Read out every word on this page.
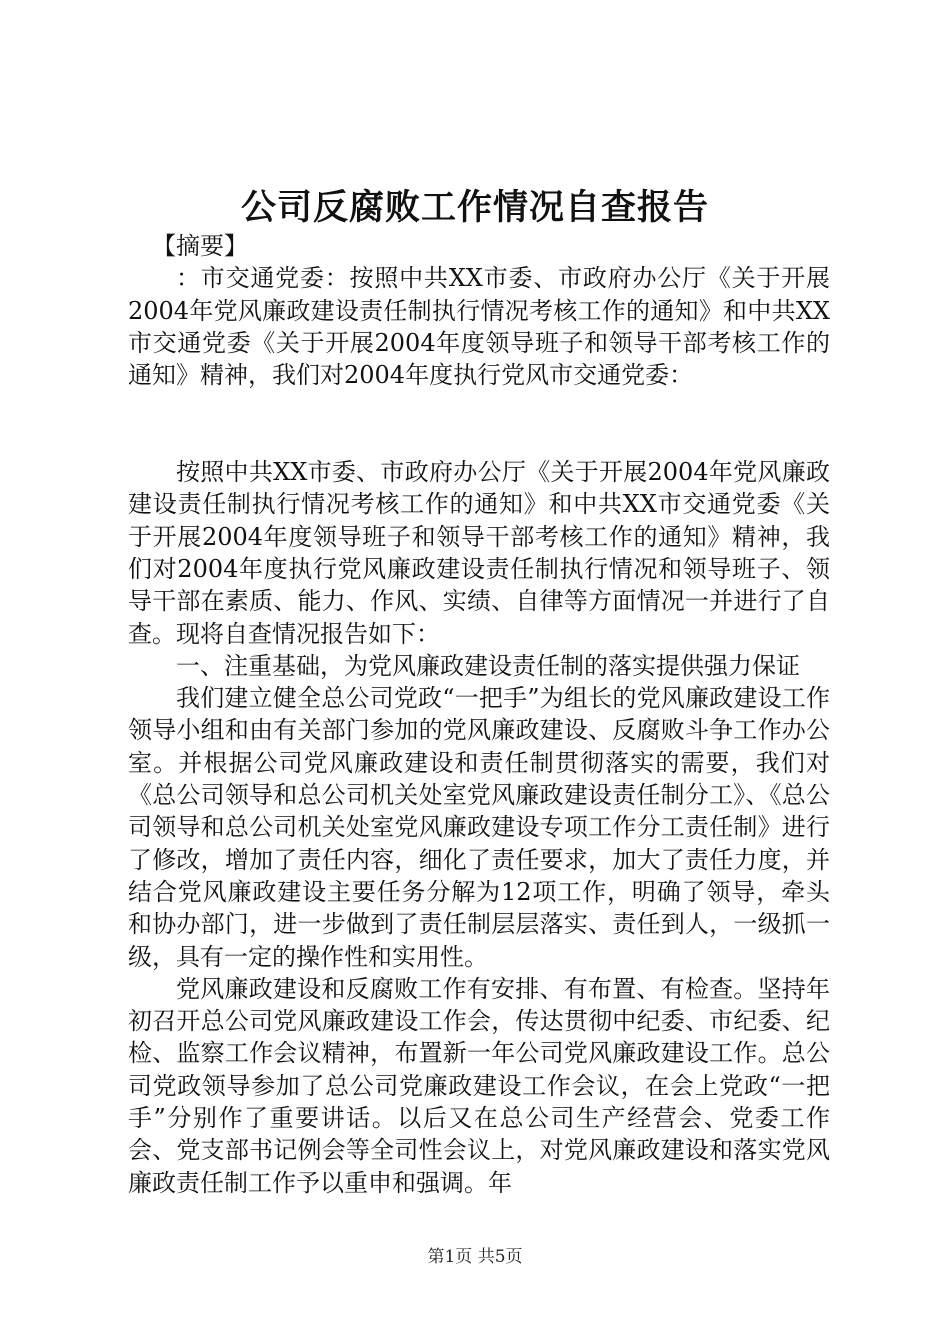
公司反腐败工作情况自查报告

【摘要】

：市交通党委：按照中共XX市委、市政府办公厅《关于开展2004年党风廉政建设责任制执行情况考核工作的通知》和中共XX市交通党委《关于开展2004年度领导班子和领导干部考核工作的通知》精神，我们对2004年度执行党风市交通党委：

按照中共XX市委、市政府办公厅《关于开展2004年党风廉政建设责任制执行情况考核工作的通知》和中共XX市交通党委《关于开展2004年度领导班子和领导干部考核工作的通知》精神，我们对2004年度执行党风廉政建设责任制执行情况和领导班子、领导干部在素质、能力、作风、实绩、自律等方面情况一并进行了自查。现将自查情况报告如下：

一、注重基础，为党风廉政建设责任制的落实提供强力保证

我们建立健全总公司党政“一把手”为组长的党风廉政建设工作领导小组和由有关部门参加的党风廉政建设、反腐败斗争工作办公室。并根据公司党风廉政建设和责任制贯彻落实的需要，我们对《总公司领导和总公司机关处室党风廉政建设责任制分工》、《总公司领导和总公司机关处室党风廉政建设专项工作分工责任制》进行了修改，增加了责任内容，细化了责任要求，加大了责任力度，并结合党风廉政建设主要任务分解为12项工作，明确了领导，牵头和协办部门，进一步做到了责任制层层落实、责任到人，一级抓一级，具有一定的操作性和实用性。

党风廉政建设和反腐败工作有安排、有布置、有检查。坚持年初召开总公司党风廉政建设工作会，传达贯彻中纪委、市纪委、纪检、监察工作会议精神，布置新一年公司党风廉政建设工作。总公司党政领导参加了总公司党廉政建设工作会议，在会上党政“一把手”分别作了重要讲话。以后又在总公司生产经营会、党委工作会、党支部书记例会等全司性会议上，对党风廉政建设和落实党风廉政责任制工作予以重申和强调。年

第1页 共5页
